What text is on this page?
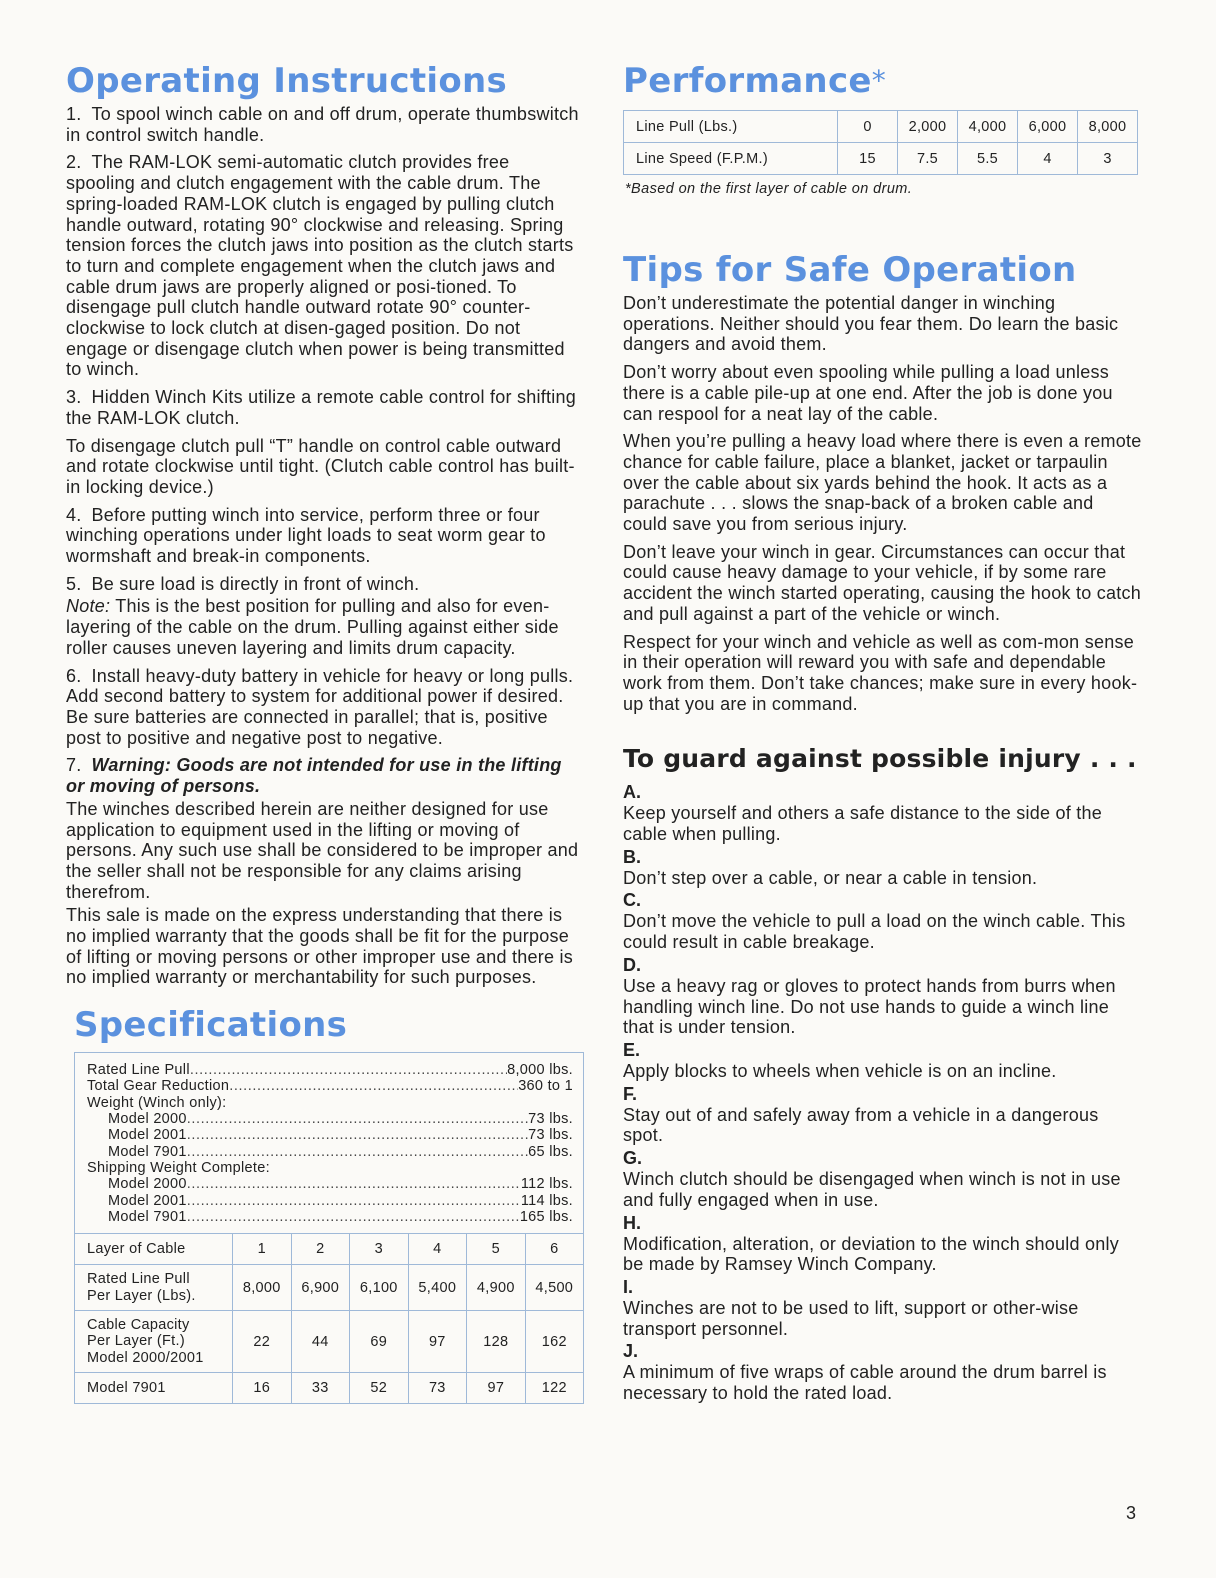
Operating Instructions

1. To spool winch cable on and off drum, operate thumbswitch in control switch handle.

2. The RAM-LOK semi-automatic clutch provides free spooling and clutch engagement with the cable drum. The spring-loaded RAM-LOK clutch is engaged by pulling clutch handle outward, rotating 90° clockwise and releasing. Spring tension forces the clutch jaws into position as the clutch starts to turn and complete engagement when the clutch jaws and cable drum jaws are properly aligned or posi-tioned. To disengage pull clutch handle outward rotate 90° counter-clockwise to lock clutch at disen-gaged position. Do not engage or disengage clutch when power is being transmitted to winch.

3. Hidden Winch Kits utilize a remote cable control for shifting the RAM-LOK clutch.

To disengage clutch pull “T” handle on control cable outward and rotate clockwise until tight. (Clutch cable control has built-in locking device.)

4. Before putting winch into service, perform three or four winching operations under light loads to seat worm gear to wormshaft and break-in components.

5. Be sure load is directly in front of winch.

Note: This is the best position for pulling and also for even-layering of the cable on the drum. Pulling against either side roller causes uneven layering and limits drum capacity.

6. Install heavy-duty battery in vehicle for heavy or long pulls. Add second battery to system for additional power if desired. Be sure batteries are connected in parallel; that is, positive post to positive and negative post to negative.

7. Warning: Goods are not intended for use in the lifting or moving of persons.

The winches described herein are neither designed for use application to equipment used in the lifting or moving of persons. Any such use shall be considered to be improper and the seller shall not be responsible for any claims arising therefrom.

This sale is made on the express understanding that there is no implied warranty that the goods shall be fit for the purpose of lifting or moving persons or other improper use and there is no implied warranty or merchantability for such purposes.

Specifications
Rated Line Pull .....	8,000 lbs.
Total Gear Reduction .....	360 to 1
Weight (Winch only):
Model 2000 .....	73 lbs.
Model 2001 .....	73 lbs.
Model 7901 .....	65 lbs.
Shipping Weight Complete:
Model 2000 .....	112 lbs.
Model 2001 .....	114 lbs.
Model 7901 .....	165 lbs.
Layer of Cable	1	2	3	4	5	6
Rated Line Pull
Per Layer (Lbs).	8,000	6,900	6,100	5,400	4,900	4,500
Cable Capacity
Per Layer (Ft.)
Model 2000/2001	22	44	69	97	128	162
Model 7901	16	33	52	73	97	122
Performance*
Line Pull (Lbs.)	0	2,000	4,000	6,000	8,000
Line Speed (F.P.M.)	15	7.5	5.5	4	3
*Based on the first layer of cable on drum.
Tips for Safe Operation

Don’t underestimate the potential danger in winching operations. Neither should you fear them. Do learn the basic dangers and avoid them.

Don’t worry about even spooling while pulling a load unless there is a cable pile-up at one end. After the job is done you can respool for a neat lay of the cable.

When you’re pulling a heavy load where there is even a remote chance for cable failure, place a blanket, jacket or tarpaulin over the cable about six yards behind the hook. It acts as a parachute . . . slows the snap-back of a broken cable and could save you from serious injury.

Don’t leave your winch in gear. Circumstances can occur that could cause heavy damage to your vehicle, if by some rare accident the winch started operating, causing the hook to catch and pull against a part of the vehicle or winch.

Respect for your winch and vehicle as well as com-mon sense in their operation will reward you with safe and dependable work from them. Don’t take chances; make sure in every hook-up that you are in command.

To guard against possible injury . . .
A.

Keep yourself and others a safe distance to the side of the cable when pulling.

B.

Don’t step over a cable, or near a cable in tension.

C.

Don’t move the vehicle to pull a load on the winch cable. This could result in cable breakage.

D.

Use a heavy rag or gloves to protect hands from burrs when handling winch line. Do not use hands to guide a winch line that is under tension.

E.

Apply blocks to wheels when vehicle is on an incline.

F.

Stay out of and safely away from a vehicle in a dangerous spot.

G.

Winch clutch should be disengaged when winch is not in use and fully engaged when in use.

H.

Modification, alteration, or deviation to the winch should only be made by Ramsey Winch Company.

I.

Winches are not to be used to lift, support or other-wise transport personnel.

J.

A minimum of five wraps of cable around the drum barrel is necessary to hold the rated load.

3
